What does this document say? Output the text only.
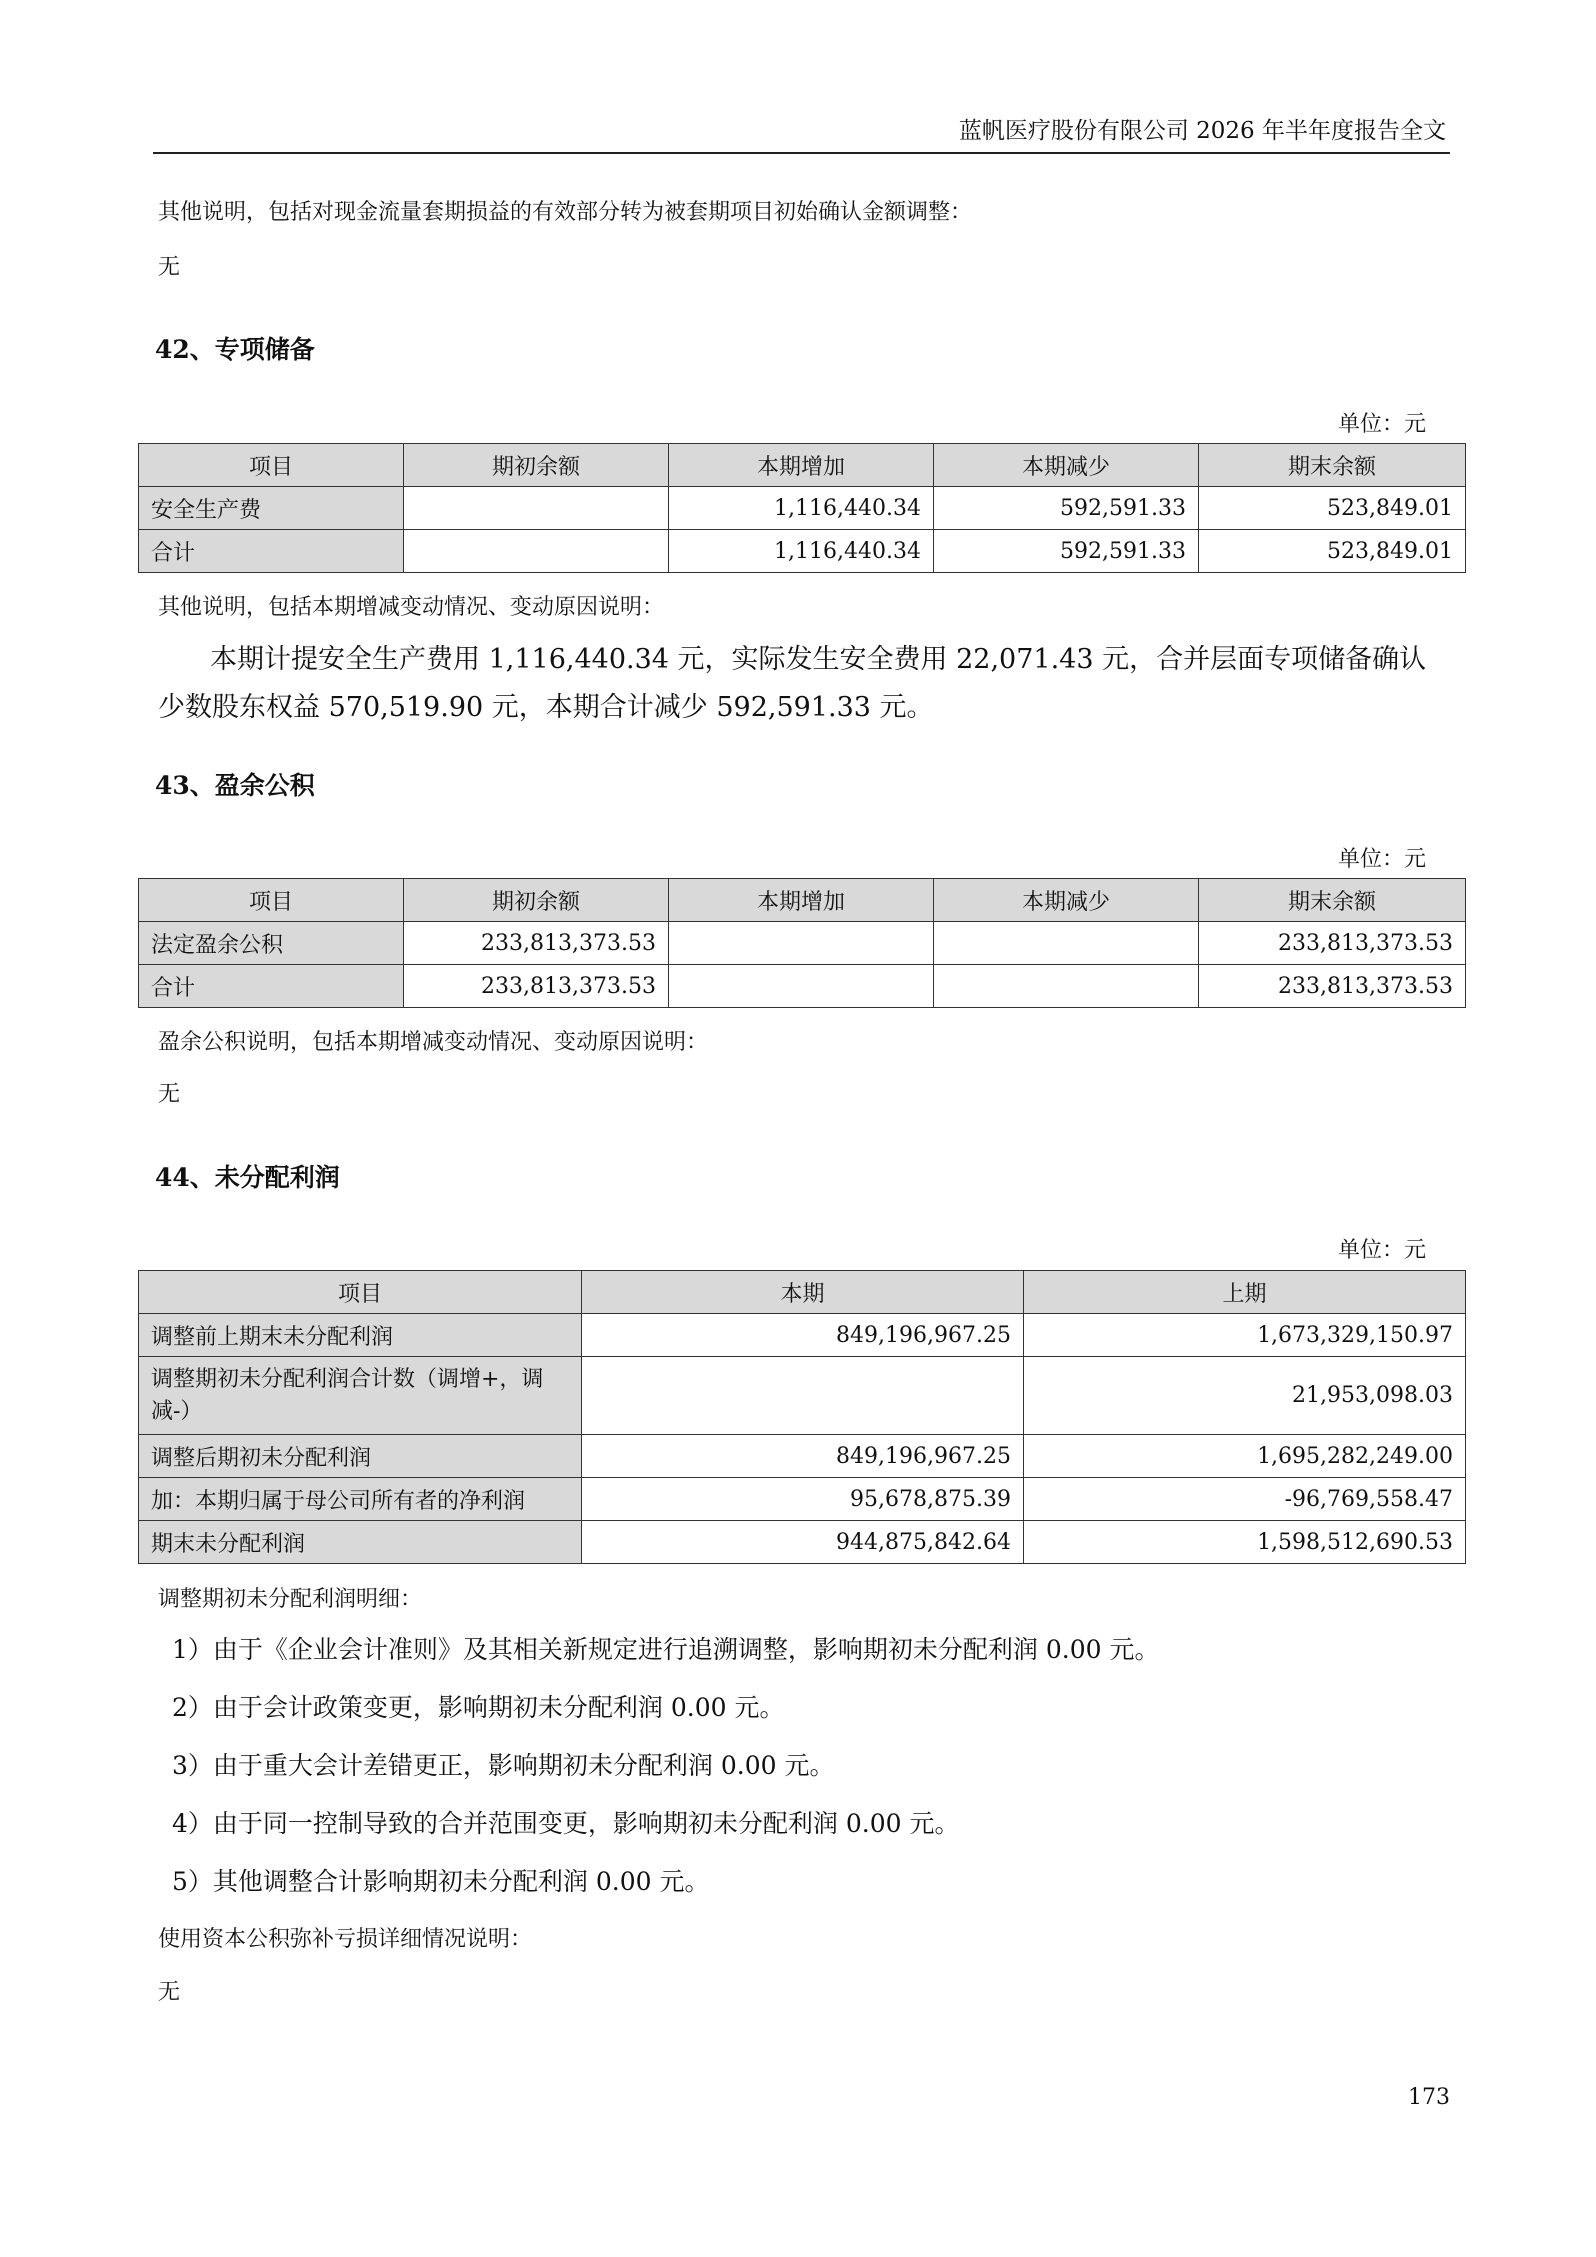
蓝帆医疗股份有限公司 2026 年半年度报告全文
其他说明，包括对现金流量套期损益的有效部分转为被套期项目初始确认金额调整：
无
42、专项储备
单位：元
项目	期初余额	本期增加	本期减少	期末余额
安全生产费		1,116,440.34	592,591.33	523,849.01
合计		1,116,440.34	592,591.33	523,849.01
其他说明，包括本期增减变动情况、变动原因说明：
本期计提安全生产费用 1,116,440.34 元，实际发生安全费用 22,071.43 元，合并层面专项储备确认
少数股东权益 570,519.90 元，本期合计减少 592,591.33 元。
43、盈余公积
单位：元
项目	期初余额	本期增加	本期减少	期末余额
法定盈余公积	233,813,373.53			233,813,373.53
合计	233,813,373.53			233,813,373.53
盈余公积说明，包括本期增减变动情况、变动原因说明：
无
44、未分配利润
单位：元
项目	本期	上期
调整前上期末未分配利润	849,196,967.25	1,673,329,150.97
调整期初未分配利润合计数（调增+，调减-）		21,953,098.03
调整后期初未分配利润	849,196,967.25	1,695,282,249.00
加：本期归属于母公司所有者的净利润	95,678,875.39	-96,769,558.47
期末未分配利润	944,875,842.64	1,598,512,690.53
调整期初未分配利润明细：
1）由于《企业会计准则》及其相关新规定进行追溯调整，影响期初未分配利润 0.00 元。
2）由于会计政策变更，影响期初未分配利润 0.00 元。
3）由于重大会计差错更正，影响期初未分配利润 0.00 元。
4）由于同一控制导致的合并范围变更，影响期初未分配利润 0.00 元。
5）其他调整合计影响期初未分配利润 0.00 元。
使用资本公积弥补亏损详细情况说明：
无
173
